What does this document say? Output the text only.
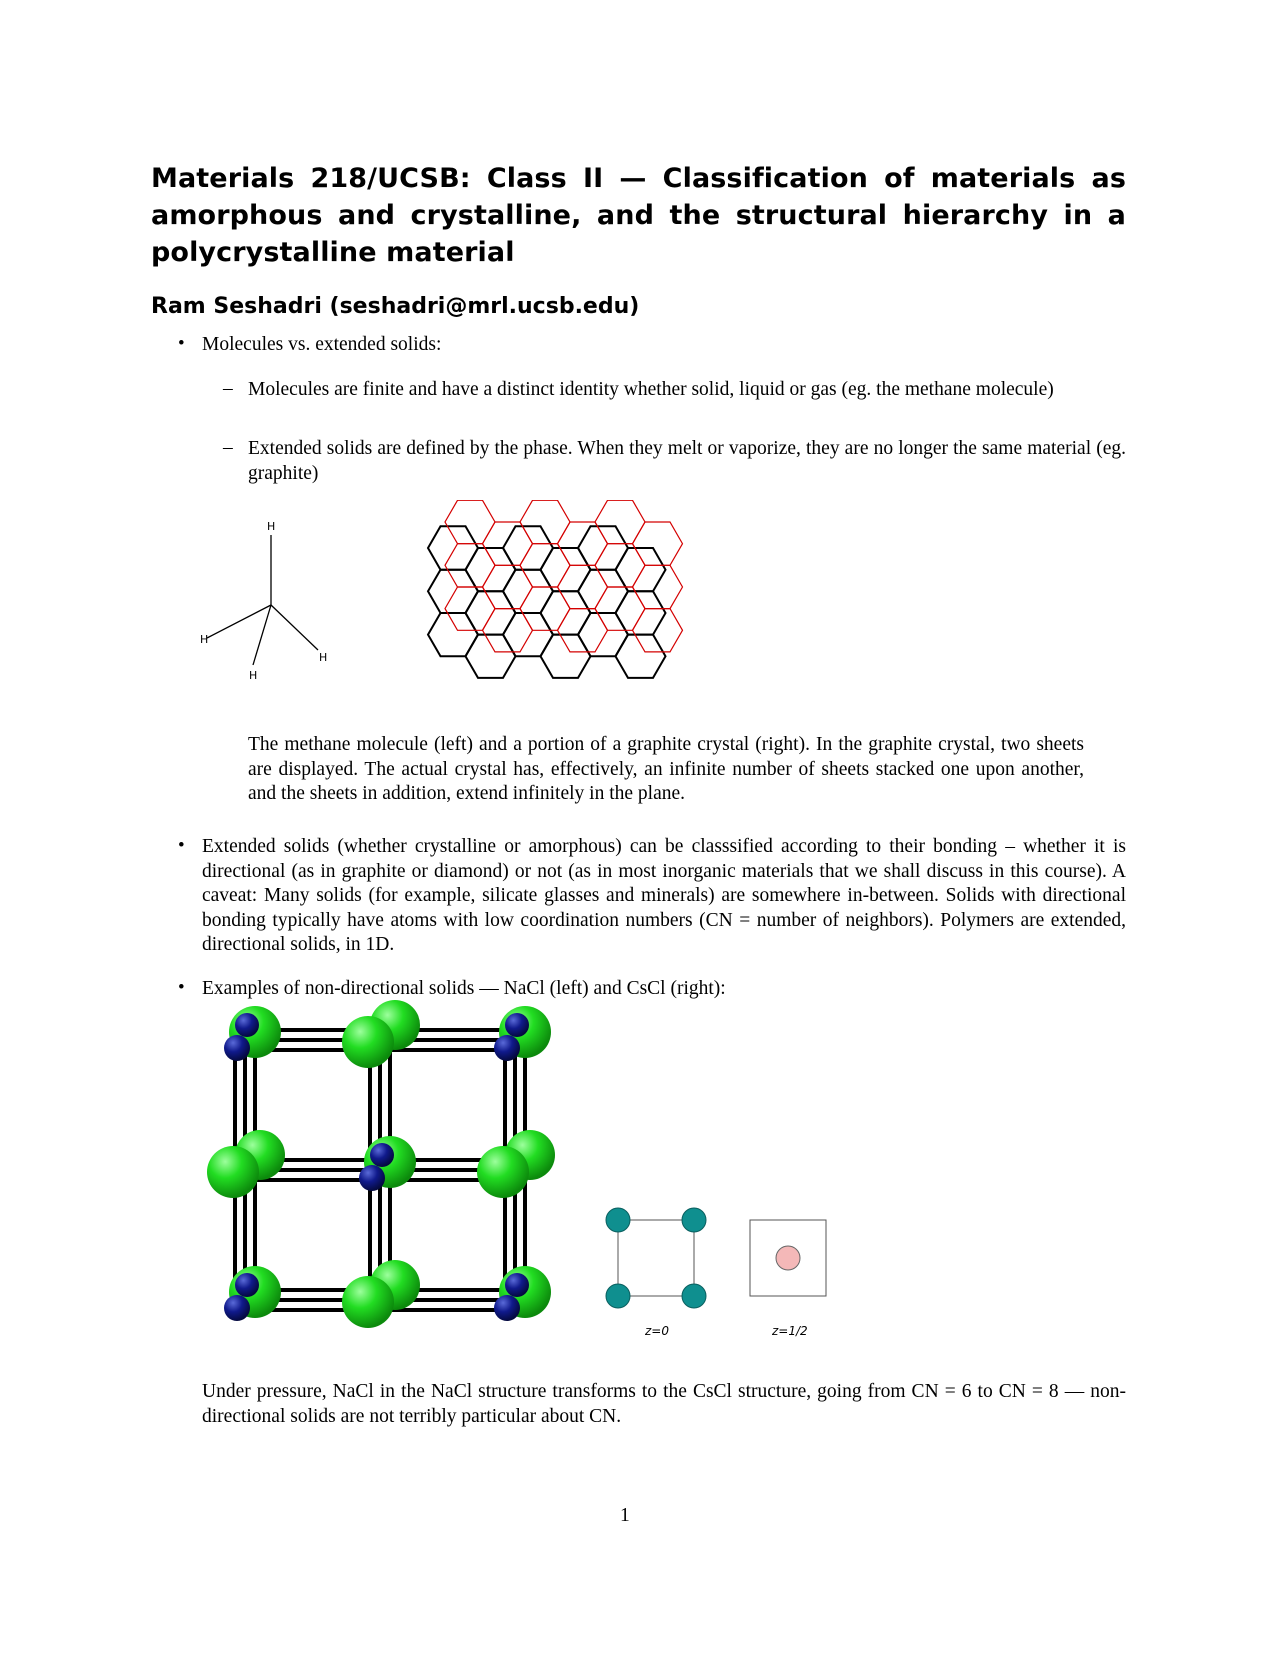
Materials 218/UCSB: Class II — Classification of materials as amorphous and crystalline, and the structural hierarchy in a polycrystalline material
Ram Seshadri (seshadri@mrl.ucsb.edu)
• Molecules vs. extended solids:
– Molecules are finite and have a distinct identity whether solid, liquid or gas (eg. the methane molecule)
– Extended solids are defined by the phase. When they melt or vaporize, they are no longer the same material (eg. graphite)
H
H
H
H
The methane molecule (left) and a portion of a graphite crystal (right). In the graphite crystal, two sheets are displayed. The actual crystal has, effectively, an infinite number of sheets stacked one upon another, and the sheets in addition, extend infinitely in the plane.
• Extended solids (whether crystalline or amorphous) can be classsified according to their bonding – whether it is directional (as in graphite or diamond) or not (as in most inorganic materials that we shall discuss in this course). A caveat: Many solids (for example, silicate glasses and minerals) are somewhere in-between. Solids with directional bonding typically have atoms with low coordination numbers (CN = number of neighbors). Polymers are extended, directional solids, in 1D.
• Examples of non-directional solids — NaCl (left) and CsCl (right):
z=0	z=1/2
Under pressure, NaCl in the NaCl structure transforms to the CsCl structure, going from CN = 6 to CN = 8 — non-directional solids are not terribly particular about CN.
1
